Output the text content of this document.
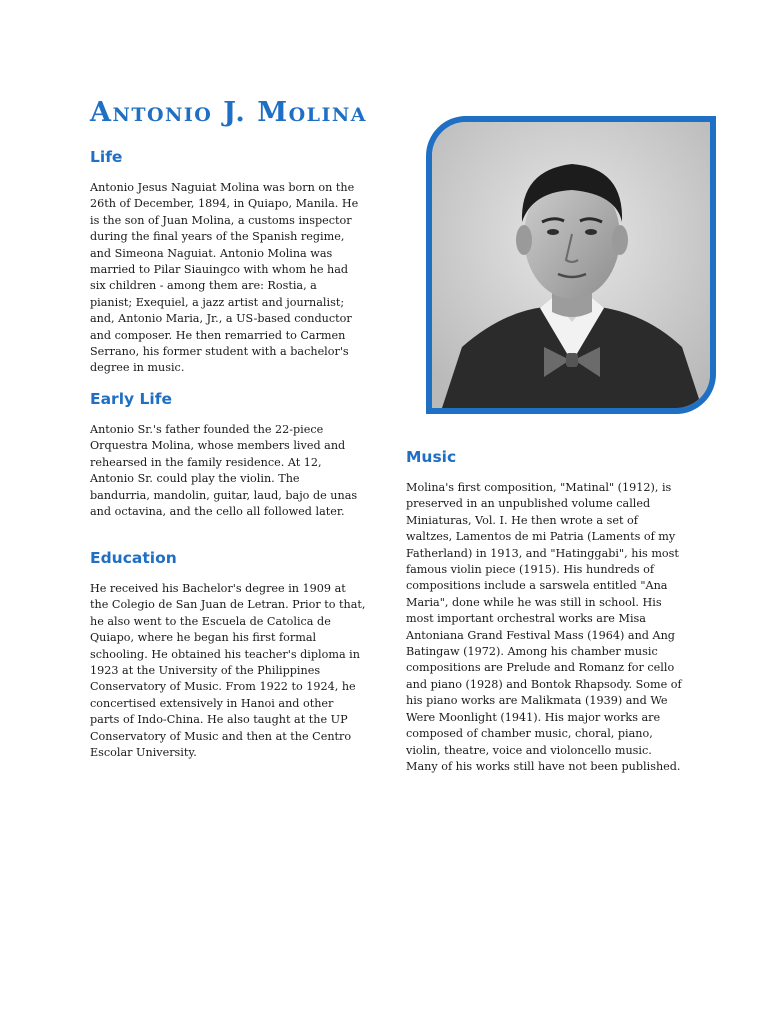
Antonio J. Molina
Life

Antonio Jesus Naguiat Molina was born on the 26th of December, 1894, in Quiapo, Manila. He is the son of Juan Molina, a customs inspector during the final years of the Spanish regime, and Simeona Naguiat. Antonio Molina was married to Pilar Siauingco with whom he had six children - among them are: Rostia, a pianist; Exequiel, a jazz artist and journalist; and, Antonio Maria, Jr., a US-based conductor and composer. He then remarried to Carmen Serrano, his former student with a bachelor's degree in music.

Early Life

Antonio Sr.'s father founded the 22-piece Orquestra Molina, whose members lived and rehearsed in the family residence. At 12, Antonio Sr. could play the violin. The bandurria, mandolin, guitar, laud, bajo de unas and octavina, and the cello all followed later.

Education

He received his Bachelor's degree in 1909 at the Colegio de San Juan de Letran. Prior to that, he also went to the Escuela de Catolica de Quiapo, where he began his first formal schooling. He obtained his teacher's diploma in 1923 at the University of the Philippines Conservatory of Music. From 1922 to 1924, he concertised extensively in Hanoi and other parts of Indo-China. He also taught at the UP Conservatory of Music and then at the Centro Escolar University.

Music

Molina's first composition, "Matinal" (1912), is preserved in an unpublished volume called Miniaturas, Vol. I. He then wrote a set of waltzes, Lamentos de mi Patria (Laments of my Fatherland) in 1913, and "Hatinggabi", his most famous violin piece (1915). His hundreds of compositions include a sarswela entitled "Ana Maria", done while he was still in school. His most important orchestral works are Misa Antoniana Grand Festival Mass (1964) and Ang Batingaw (1972). Among his chamber music compositions are Prelude and Romanz for cello and piano (1928) and Bontok Rhapsody. Some of his piano works are Malikmata (1939) and We Were Moonlight (1941). His major works are composed of chamber music, choral, piano, violin, theatre, voice and violoncello music. Many of his works still have not been published.
